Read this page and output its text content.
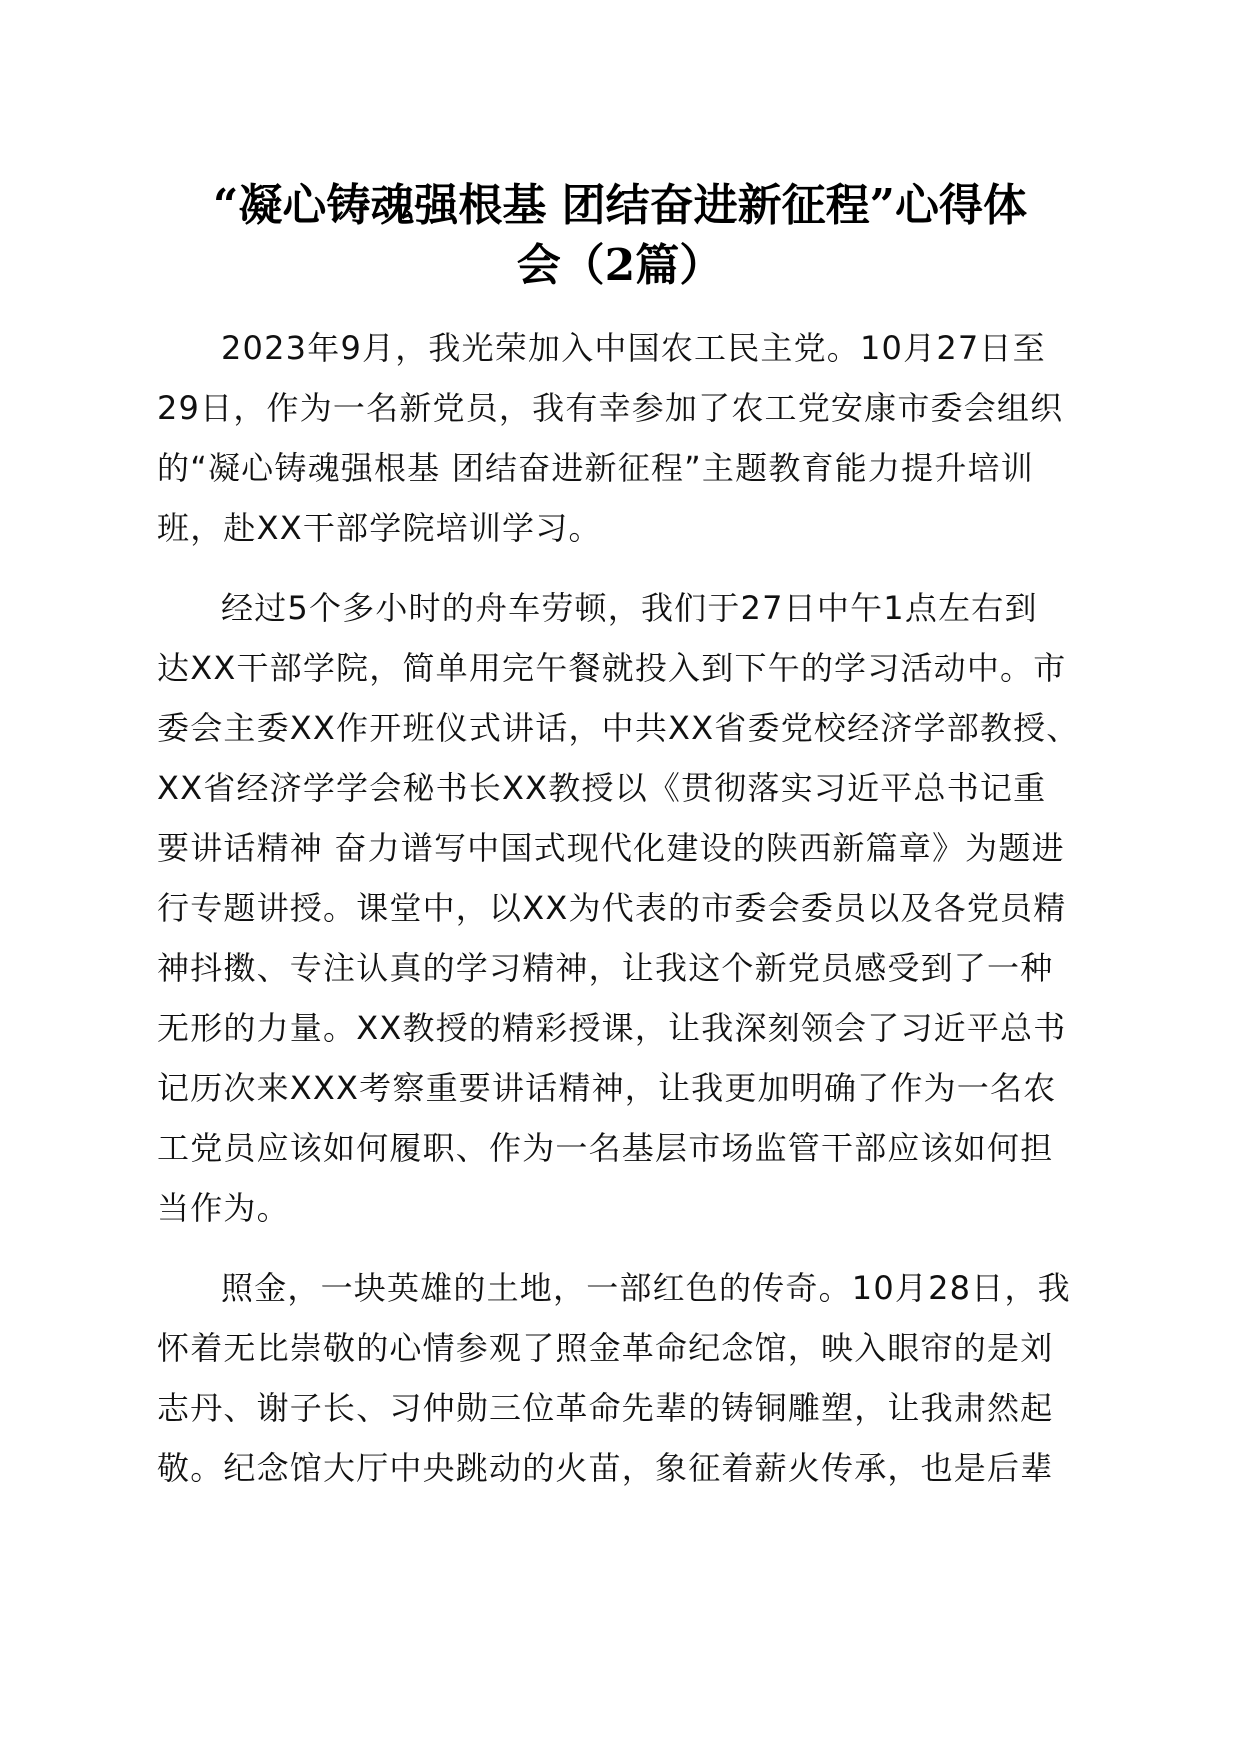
“凝心铸魂强根基 团结奋进新征程”心得体
会（2篇）
2023年9月，我光荣加入中国农工民主党。10月27日至
29日，作为一名新党员，我有幸参加了农工党安康市委会组织
的“凝心铸魂强根基 团结奋进新征程”主题教育能力提升培训
班，赴XX干部学院培训学习。
经过5个多小时的舟车劳顿，我们于27日中午1点左右到
达XX干部学院，简单用完午餐就投入到下午的学习活动中。市
委会主委XX作开班仪式讲话，中共XX省委党校经济学部教授、
XX省经济学学会秘书长XX教授以《贯彻落实习近平总书记重
要讲话精神 奋力谱写中国式现代化建设的陕西新篇章》为题进
行专题讲授。课堂中，以XX为代表的市委会委员以及各党员精
神抖擞、专注认真的学习精神，让我这个新党员感受到了一种
无形的力量。XX教授的精彩授课，让我深刻领会了习近平总书
记历次来XXX考察重要讲话精神，让我更加明确了作为一名农
工党员应该如何履职、作为一名基层市场监管干部应该如何担
当作为。
照金，一块英雄的土地，一部红色的传奇。10月28日，我
怀着无比崇敬的心情参观了照金革命纪念馆，映入眼帘的是刘
志丹、谢子长、习仲勋三位革命先辈的铸铜雕塑，让我肃然起
敬。纪念馆大厅中央跳动的火苗，象征着薪火传承，也是后辈
